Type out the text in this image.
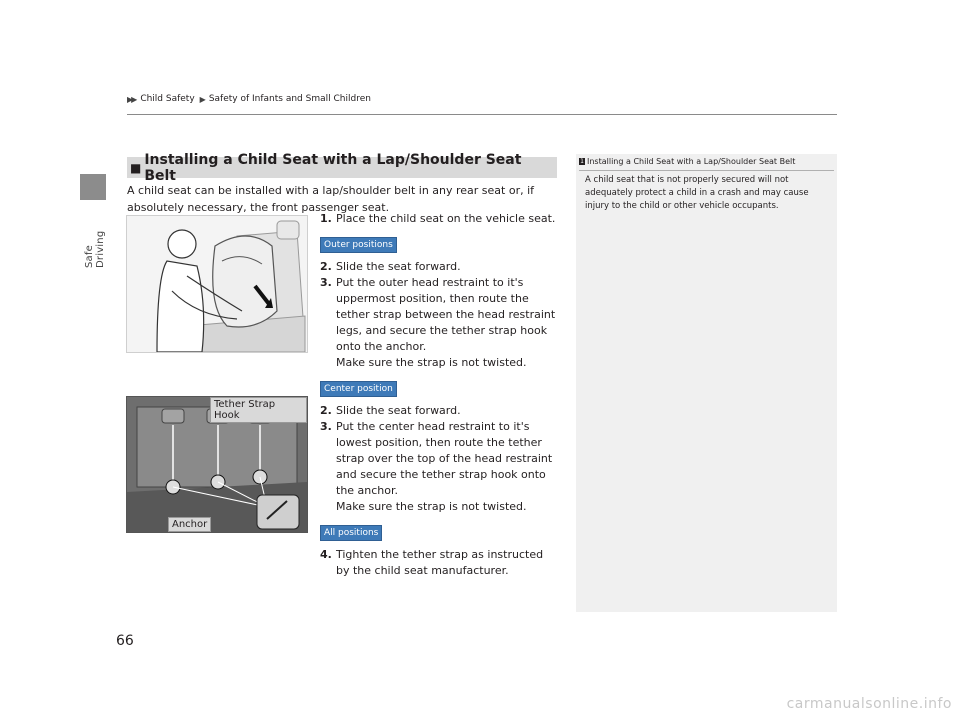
Safe Driving
▶▶ Child Safety ▶ Safety of Infants and Small Children
■ Installing a Child Seat with a Lap/Shoulder Seat Belt
A child seat can be installed with a lap/shoulder belt in any rear seat or, if absolutely necessary, the front passenger seat.
Tether Strap Hook
Anchor
1. Place the child seat on the vehicle seat.
Outer positions
2. Slide the seat forward.
3. Put the outer head restraint to it's uppermost position, then route the tether strap between the head restraint legs, and secure the tether strap hook onto the anchor.
Make sure the strap is not twisted.
Center position
2. Slide the seat forward.
3. Put the center head restraint to it's lowest position, then route the tether strap over the top of the head restraint and secure the tether strap hook onto the anchor.
Make sure the strap is not twisted.
All positions
4. Tighten the tether strap as instructed by the child seat manufacturer.
1 Installing a Child Seat with a Lap/Shoulder Seat Belt
A child seat that is not properly secured will not adequately protect a child in a crash and may cause injury to the child or other vehicle occupants.
66
carmanualsonline.info
